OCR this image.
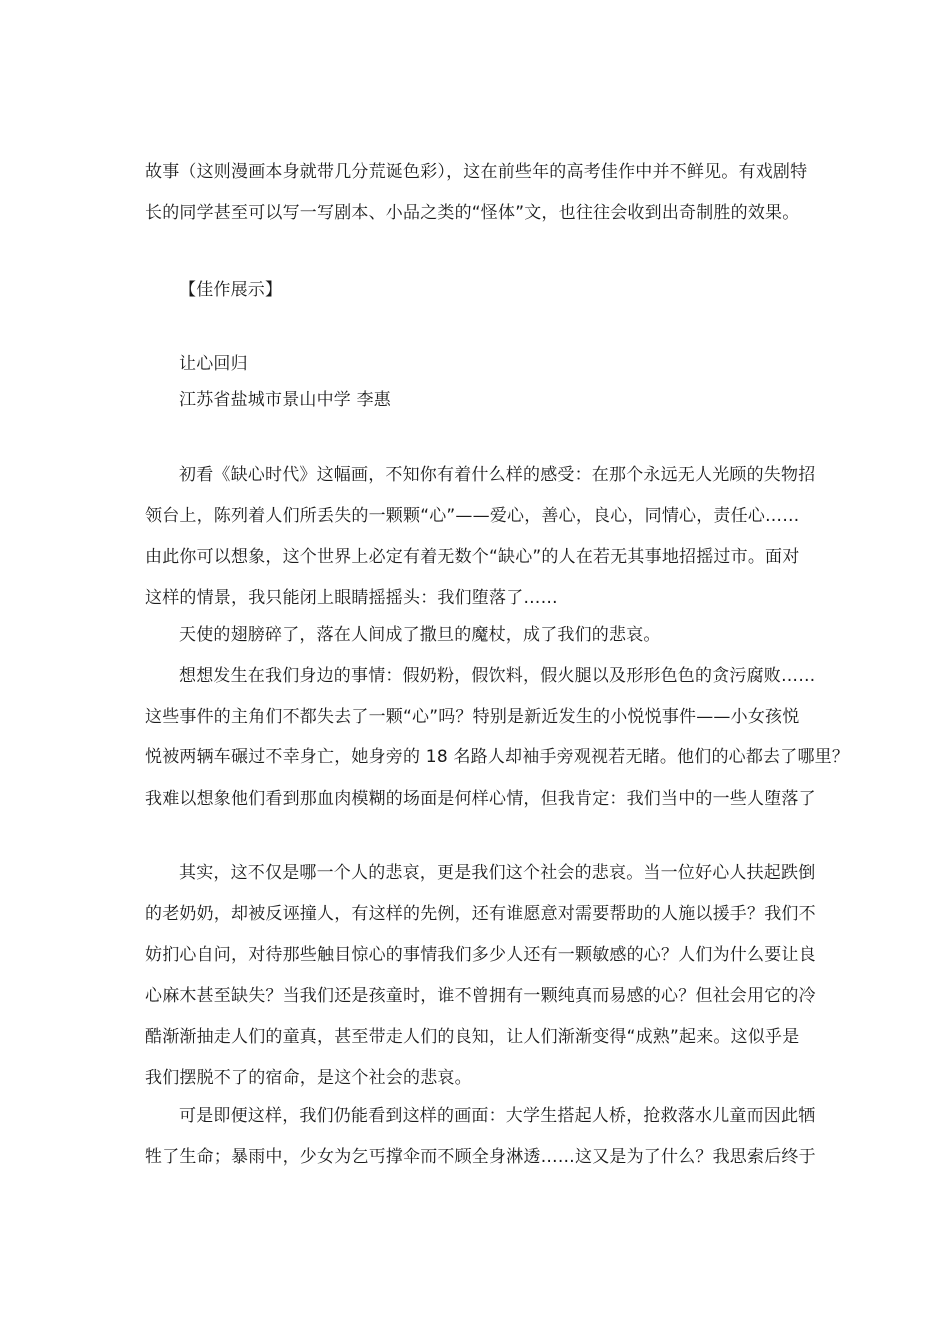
故事（这则漫画本身就带几分荒诞色彩），这在前些年的高考佳作中并不鲜见。有戏剧特
长的同学甚至可以写一写剧本、小品之类的“怪体”文，也往往会收到出奇制胜的效果。
【佳作展示】
让心回归
江苏省盐城市景山中学 李惠
初看《缺心时代》这幅画，不知你有着什么样的感受：在那个永远无人光顾的失物招
领台上，陈列着人们所丢失的一颗颗“心”——爱心，善心，良心，同情心，责任心……
由此你可以想象，这个世界上必定有着无数个“缺心”的人在若无其事地招摇过市。面对
这样的情景，我只能闭上眼睛摇摇头：我们堕落了……
天使的翅膀碎了，落在人间成了撒旦的魔杖，成了我们的悲哀。
想想发生在我们身边的事情：假奶粉，假饮料，假火腿以及形形色色的贪污腐败……
这些事件的主角们不都失去了一颗“心”吗？特别是新近发生的小悦悦事件——小女孩悦
悦被两辆车碾过不幸身亡，她身旁的 18 名路人却袖手旁观视若无睹。他们的心都去了哪里？
我难以想象他们看到那血肉模糊的场面是何样心情，但我肯定：我们当中的一些人堕落了
其实，这不仅是哪一个人的悲哀，更是我们这个社会的悲哀。当一位好心人扶起跌倒
的老奶奶，却被反诬撞人，有这样的先例，还有谁愿意对需要帮助的人施以援手？我们不
妨扪心自问，对待那些触目惊心的事情我们多少人还有一颗敏感的心？人们为什么要让良
心麻木甚至缺失？当我们还是孩童时，谁不曾拥有一颗纯真而易感的心？但社会用它的冷
酷渐渐抽走人们的童真，甚至带走人们的良知，让人们渐渐变得“成熟”起来。这似乎是
我们摆脱不了的宿命，是这个社会的悲哀。
可是即便这样，我们仍能看到这样的画面：大学生搭起人桥，抢救落水儿童而因此牺
牲了生命；暴雨中，少女为乞丐撑伞而不顾全身淋透……这又是为了什么？我思索后终于
